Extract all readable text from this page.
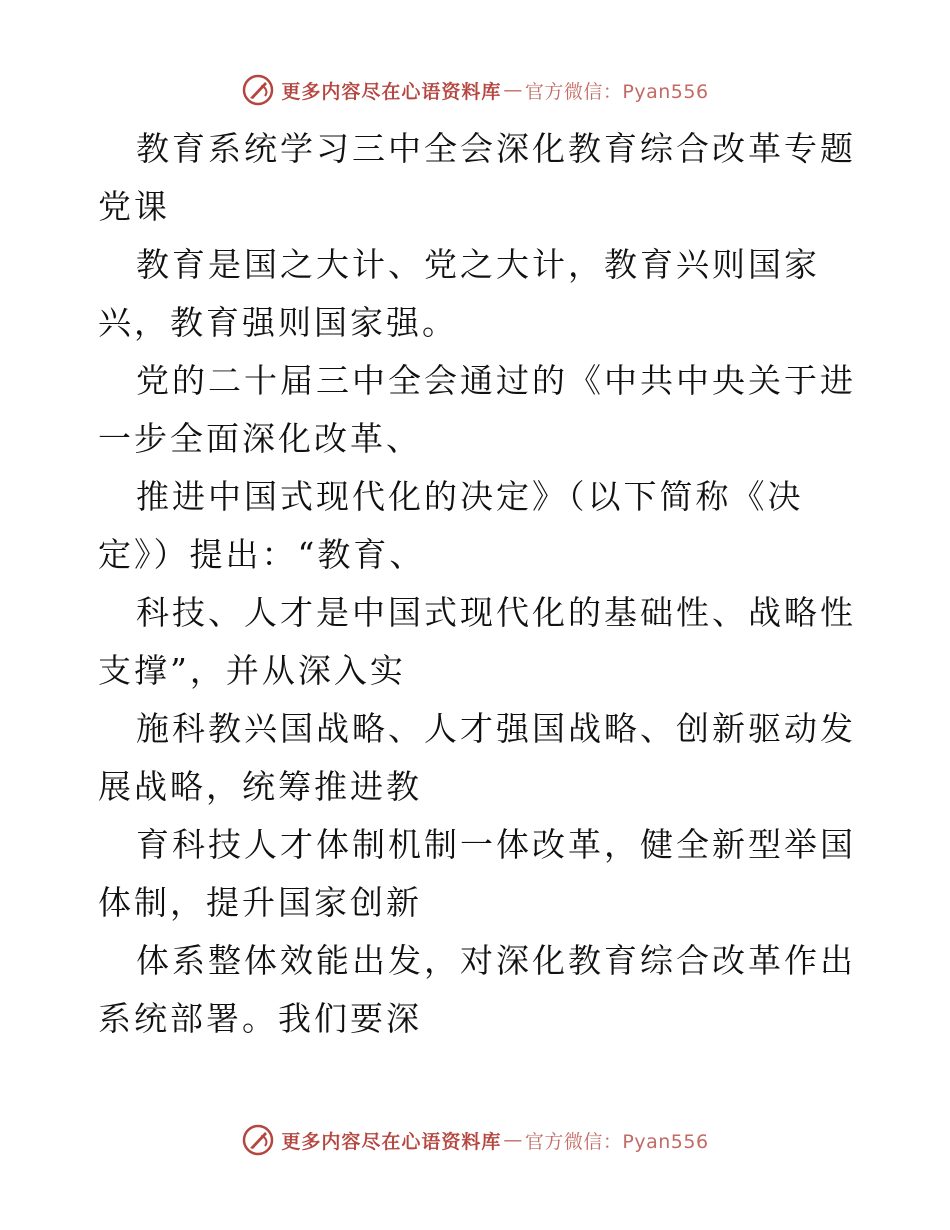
更多内容尽在心语资料库 — 官方微信：Pyan556

教育系统学习三中全会深化教育综合改革专题党课

教育是国之大计、党之大计，教育兴则国家兴，教育强则国家强。

党的二十届三中全会通过的《中共中央关于进一步全面深化改革、

推进中国式现代化的决定》（以下简称《决定》）提出：“教育、

科技、人才是中国式现代化的基础性、战略性支撑”，并从深入实

施科教兴国战略、人才强国战略、创新驱动发展战略，统筹推进教

育科技人才体制机制一体改革，健全新型举国体制，提升国家创新

体系整体效能出发，对深化教育综合改革作出系统部署。我们要深

更多内容尽在心语资料库 — 官方微信：Pyan556
